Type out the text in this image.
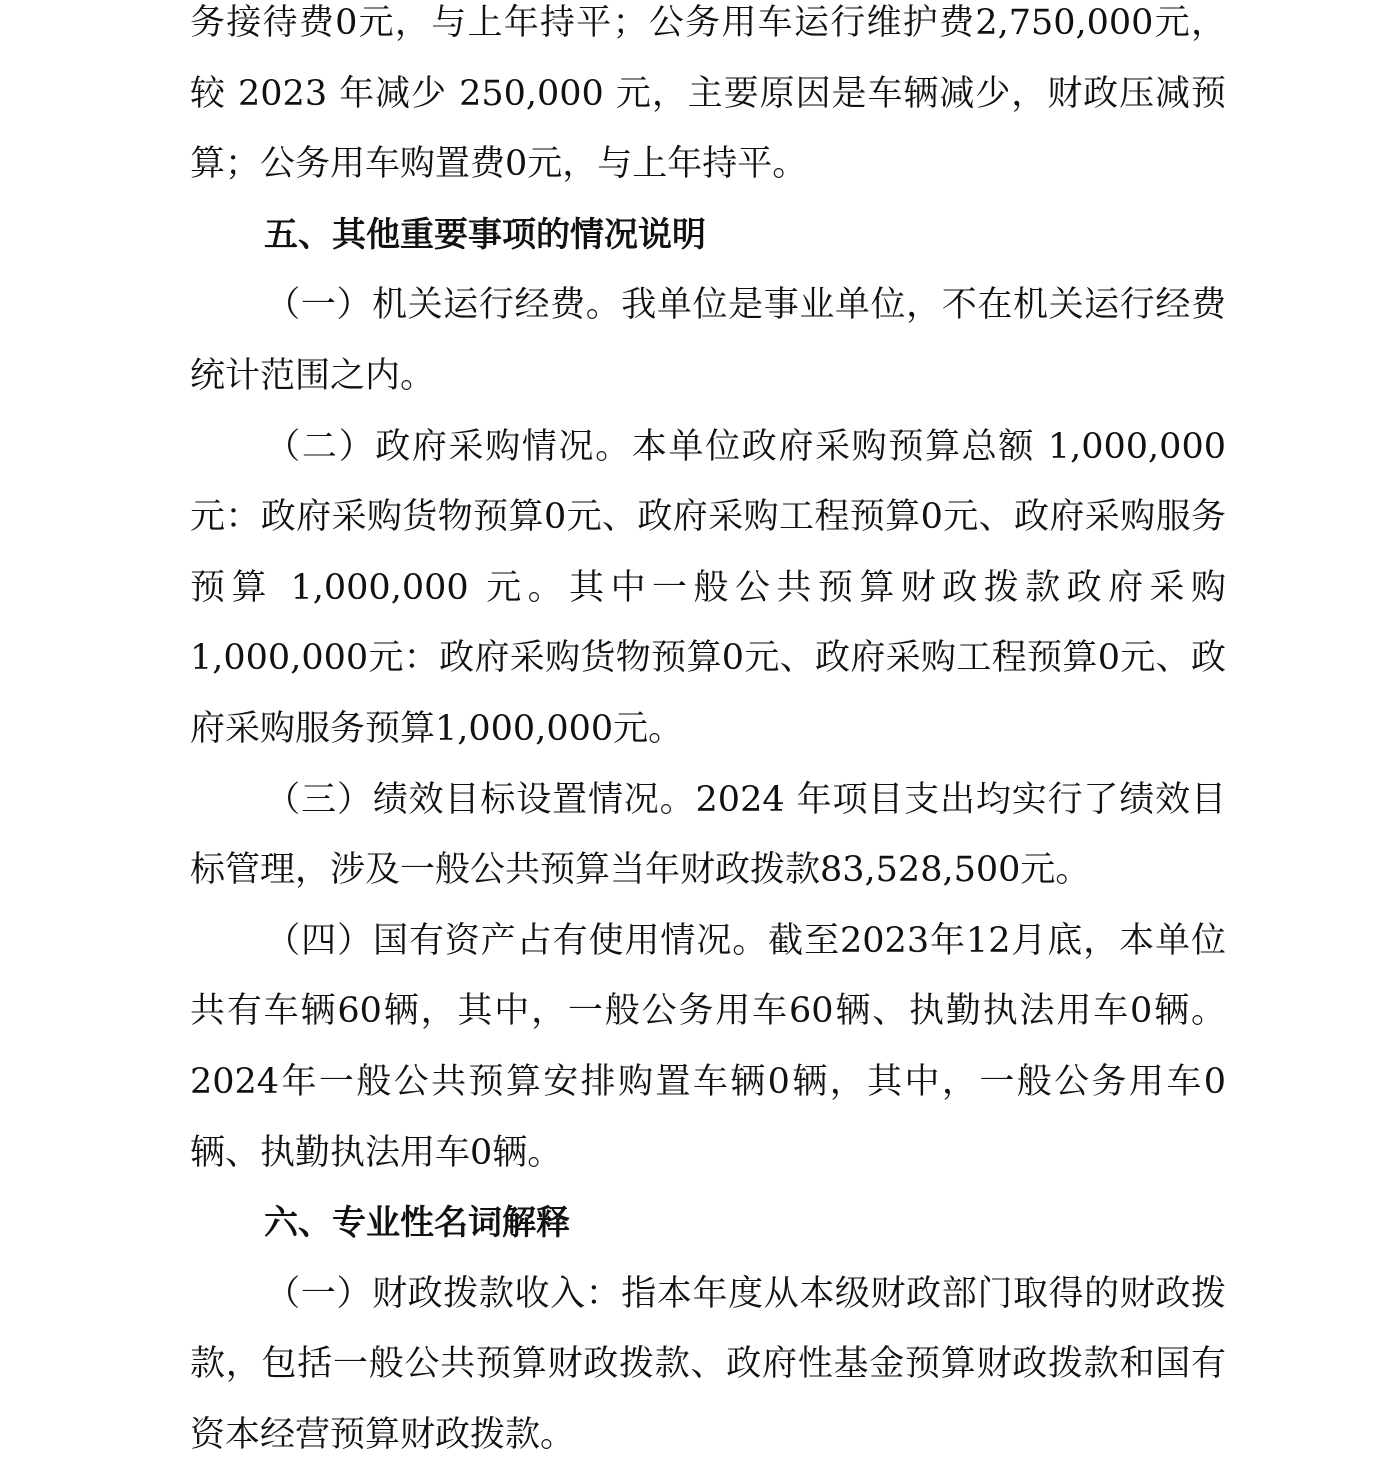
务接待费0元，与上年持平；公务用车运行维护费2,750,000元，较 2023 年减少 250,000 元，主要原因是车辆减少，财政压减预算；公务用车购置费0元，与上年持平。

五、其他重要事项的情况说明

（一）机关运行经费。我单位是事业单位，不在机关运行经费统计范围之内。

（二）政府采购情况。本单位政府采购预算总额 1,000,000元：政府采购货物预算0元、政府采购工程预算0元、政府采购服务预算 1,000,000 元。其中一般公共预算财政拨款政府采购1,000,000元：政府采购货物预算0元、政府采购工程预算0元、政府采购服务预算1,000,000元。

（三）绩效目标设置情况。2024 年项目支出均实行了绩效目标管理，涉及一般公共预算当年财政拨款83,528,500元。

（四）国有资产占有使用情况。截至2023年12月底，本单位共有车辆60辆，其中，一般公务用车60辆、执勤执法用车0辆。2024年一般公共预算安排购置车辆0辆，其中，一般公务用车0辆、执勤执法用车0辆。

六、专业性名词解释

（一）财政拨款收入：指本年度从本级财政部门取得的财政拨款，包括一般公共预算财政拨款、政府性基金预算财政拨款和国有资本经营预算财政拨款。
